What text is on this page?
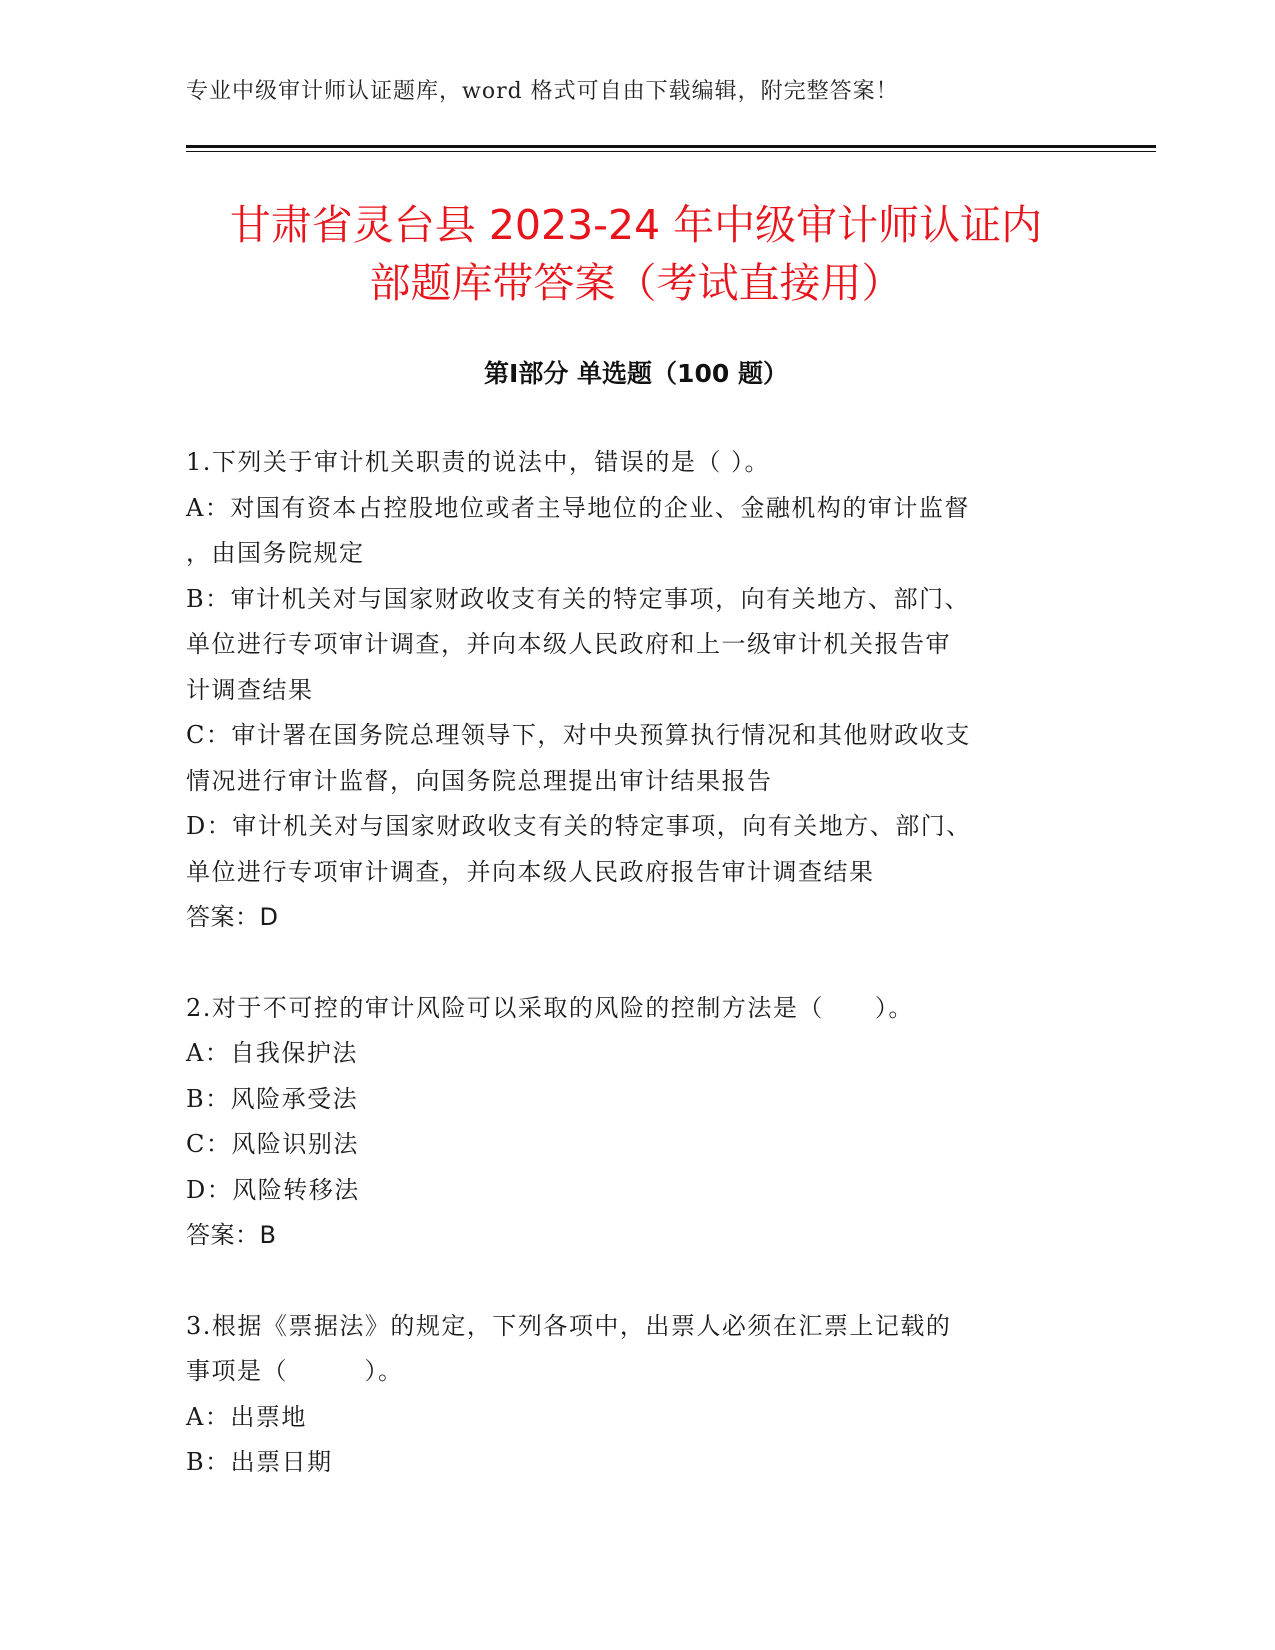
专业中级审计师认证题库，word 格式可自由下载编辑，附完整答案！
甘肃省灵台县 2023-24 年中级审计师认证内
部题库带答案（考试直接用）
第Ⅰ部分 单选题（100 题）
1.下列关于审计机关职责的说法中，错误的是（ ）。
A：对国有资本占控股地位或者主导地位的企业、金融机构的审计监督
，由国务院规定
B：审计机关对与国家财政收支有关的特定事项，向有关地方、部门、
单位进行专项审计调查，并向本级人民政府和上一级审计机关报告审
计调查结果
C：审计署在国务院总理领导下，对中央预算执行情况和其他财政收支
情况进行审计监督，向国务院总理提出审计结果报告
D：审计机关对与国家财政收支有关的特定事项，向有关地方、部门、
单位进行专项审计调查，并向本级人民政府报告审计调查结果
答案：D
2.对于不可控的审计风险可以采取的风险的控制方法是（　　）。
A：自我保护法
B：风险承受法
C：风险识别法
D：风险转移法
答案：B
3.根据《票据法》的规定，下列各项中，出票人必须在汇票上记载的
事项是（　　　）。
A：出票地
B：出票日期
